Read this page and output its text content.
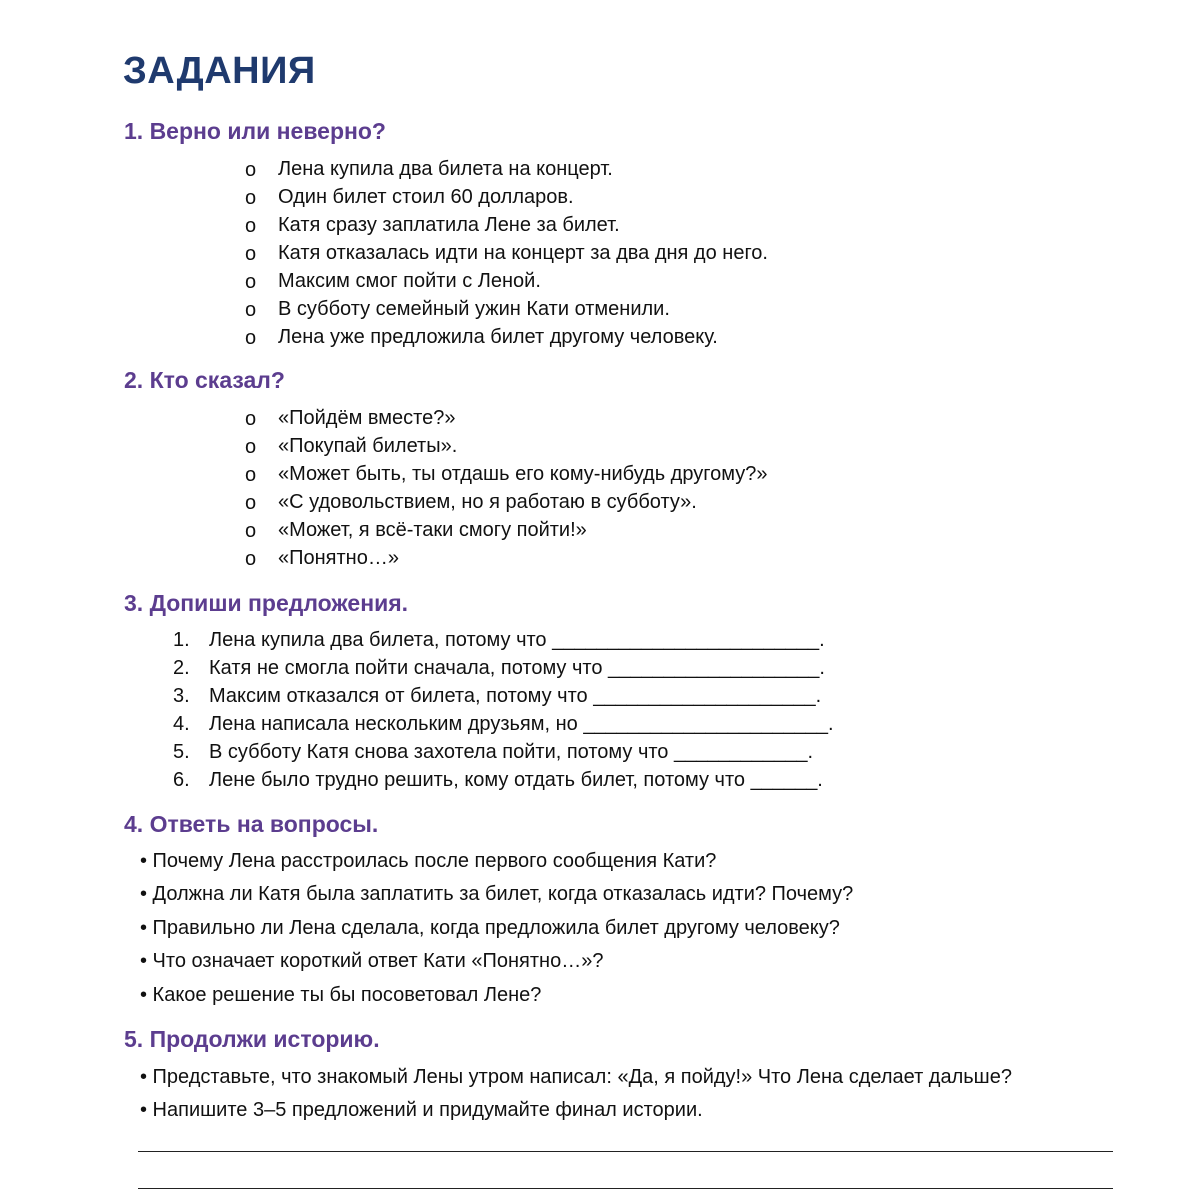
ЗАДАНИЯ
1. Верно или неверно?
o Лена купила два билета на концерт.
o Один билет стоил 60 долларов.
o Катя сразу заплатила Лене за билет.
o Катя отказалась идти на концерт за два дня до него.
o Максим смог пойти с Леной.
o В субботу семейный ужин Кати отменили.
o Лена уже предложила билет другому человеку.
2. Кто сказал?
o «Пойдём вместе?»
o «Покупай билеты».
o «Может быть, ты отдашь его кому-нибудь другому?»
o «С удовольствием, но я работаю в субботу».
o «Может, я всё-таки смогу пойти!»
o «Понятно…»
3. Допиши предложения.
1. Лена купила два билета, потому что ________________________.
2. Катя не смогла пойти сначала, потому что ___________________.
3. Максим отказался от билета, потому что ____________________.
4. Лена написала нескольким друзьям, но ______________________.
5. В субботу Катя снова захотела пойти, потому что ____________.
6. Лене было трудно решить, кому отдать билет, потому что ______.
4. Ответь на вопросы.
• Почему Лена расстроилась после первого сообщения Кати?
• Должна ли Катя была заплатить за билет, когда отказалась идти? Почему?
• Правильно ли Лена сделала, когда предложила билет другому человеку?
• Что означает короткий ответ Кати «Понятно…»?
• Какое решение ты бы посоветовал Лене?
5. Продолжи историю.
• Представьте, что знакомый Лены утром написал: «Да, я пойду!» Что Лена сделает дальше?
• Напишите 3–5 предложений и придумайте финал истории.
